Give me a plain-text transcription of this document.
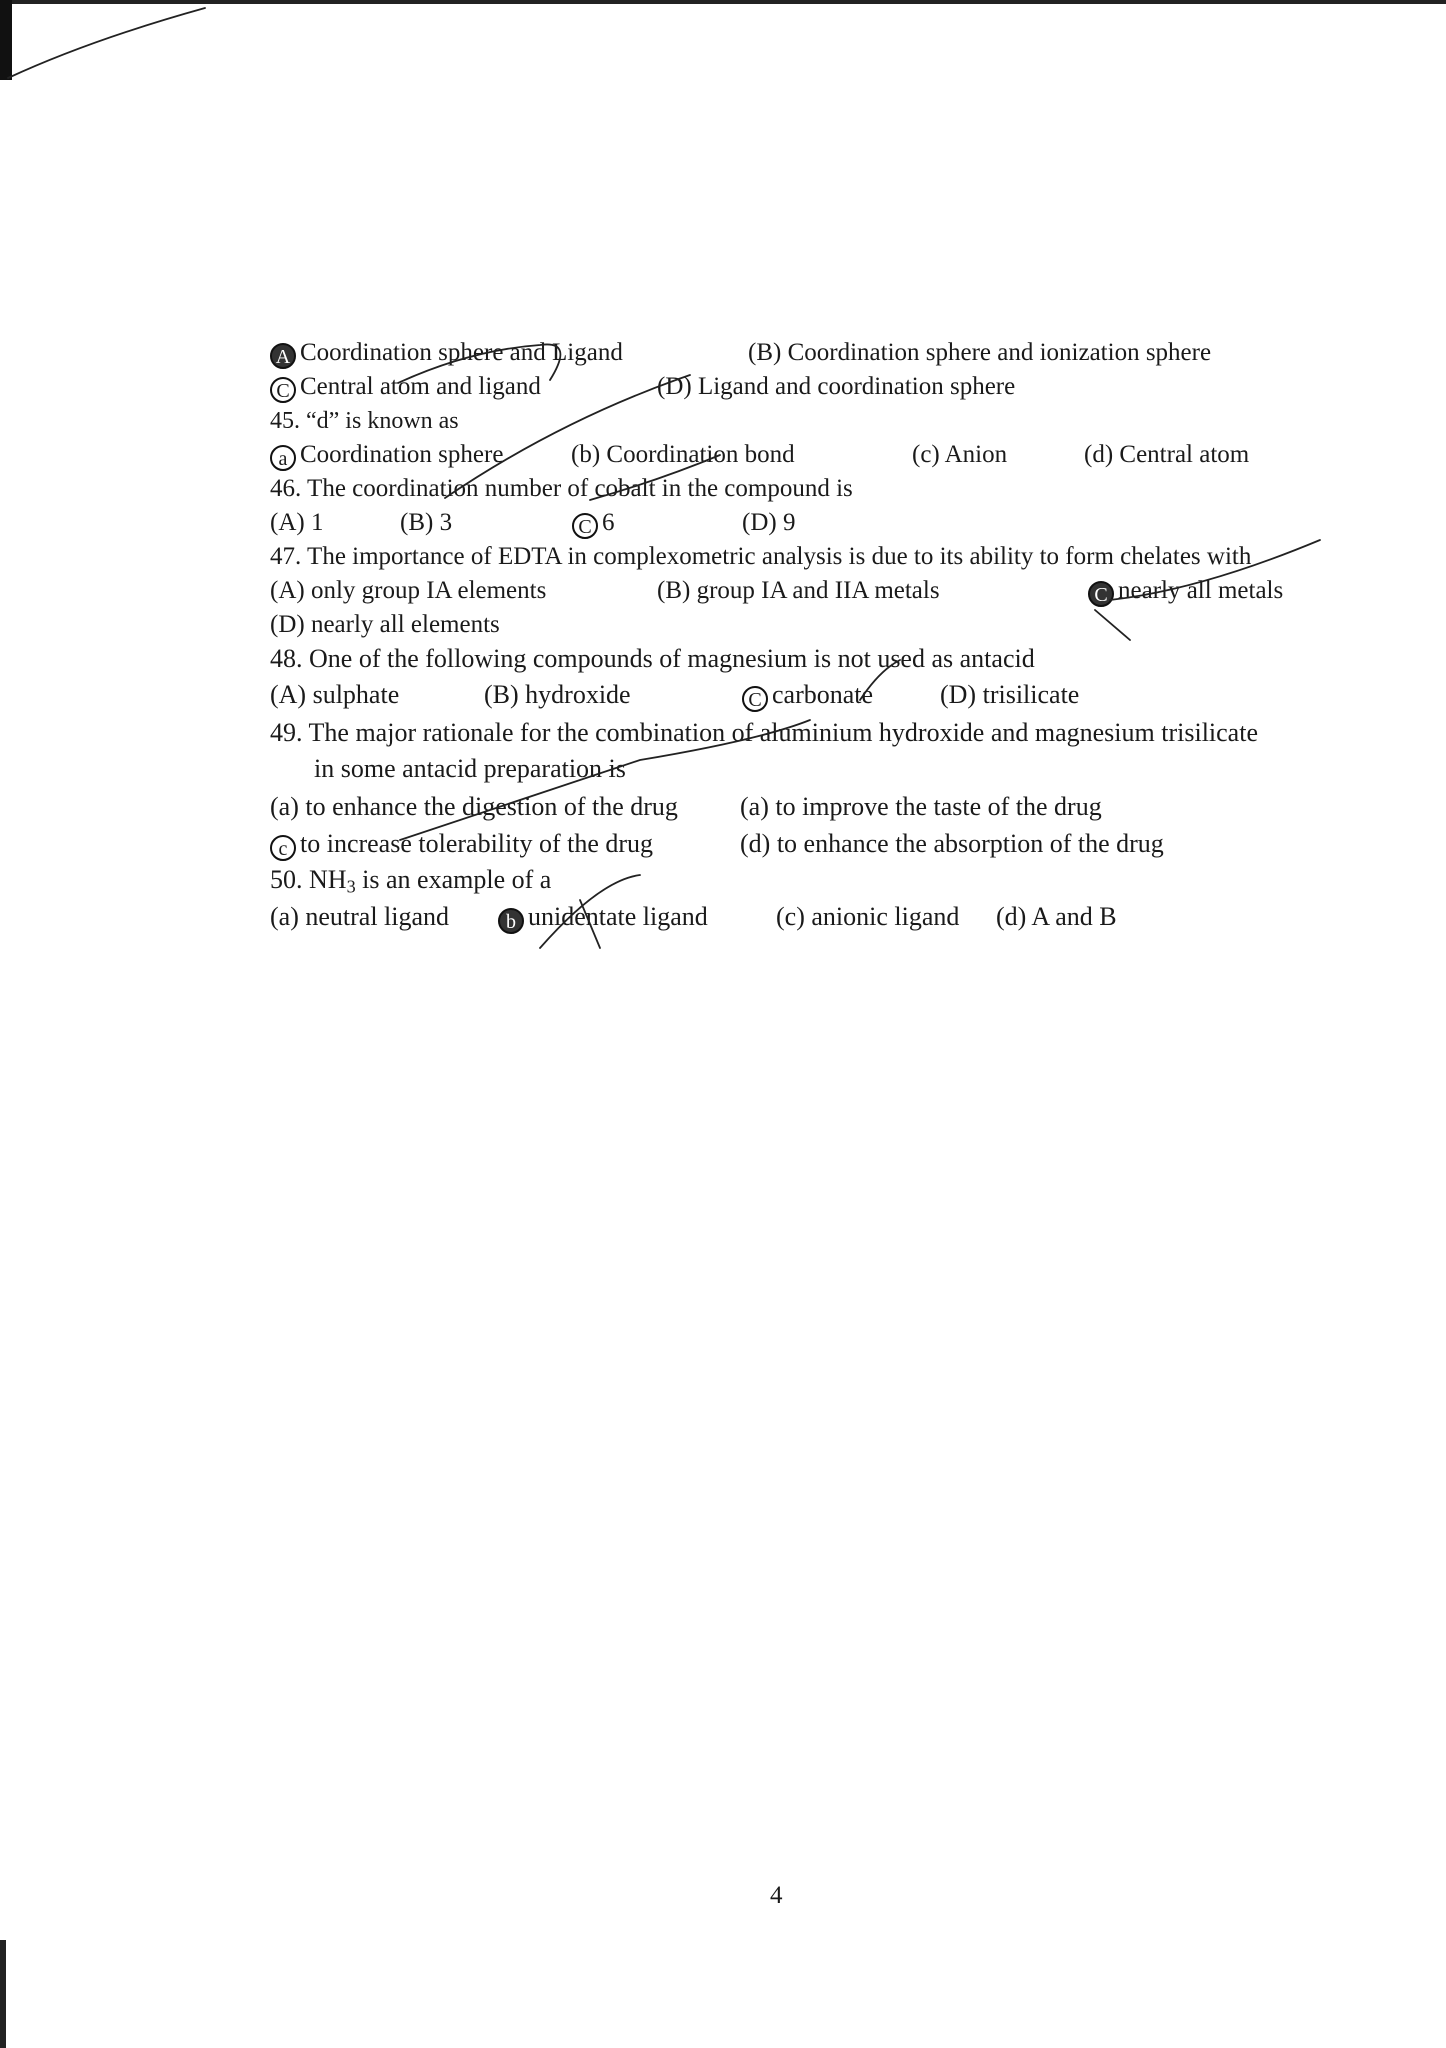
A Coordination sphere and Ligand	(B) Coordination sphere and ionization sphere
C Central atom and ligand	(D) Ligand and coordination sphere
45. “d” is known as
a Coordination sphere	(b) Coordination bond	(c) Anion	(d) Central atom
46. The coordination number of cobalt in the compound is
(A) 1	(B) 3	C 6	(D) 9
47. The importance of EDTA in complexometric analysis is due to its ability to form chelates with
(A) only group IA elements	(B) group IA and IIA metals	C nearly all metals
(D) nearly all elements
48. One of the following compounds of magnesium is not used as antacid
(A) sulphate	(B) hydroxide	C carbonate	(D) trisilicate
49. The major rationale for the combination of aluminium hydroxide and magnesium trisilicate
in some antacid preparation is
(a) to enhance the digestion of the drug (a) to improve the taste of the drug
c to increase tolerability of the drug	(d) to enhance the absorption of the drug
50. $NH_3$ is an example of a
(a) neutral ligand	b unidentate ligand	(c) anionic ligand (d) A and B
4
